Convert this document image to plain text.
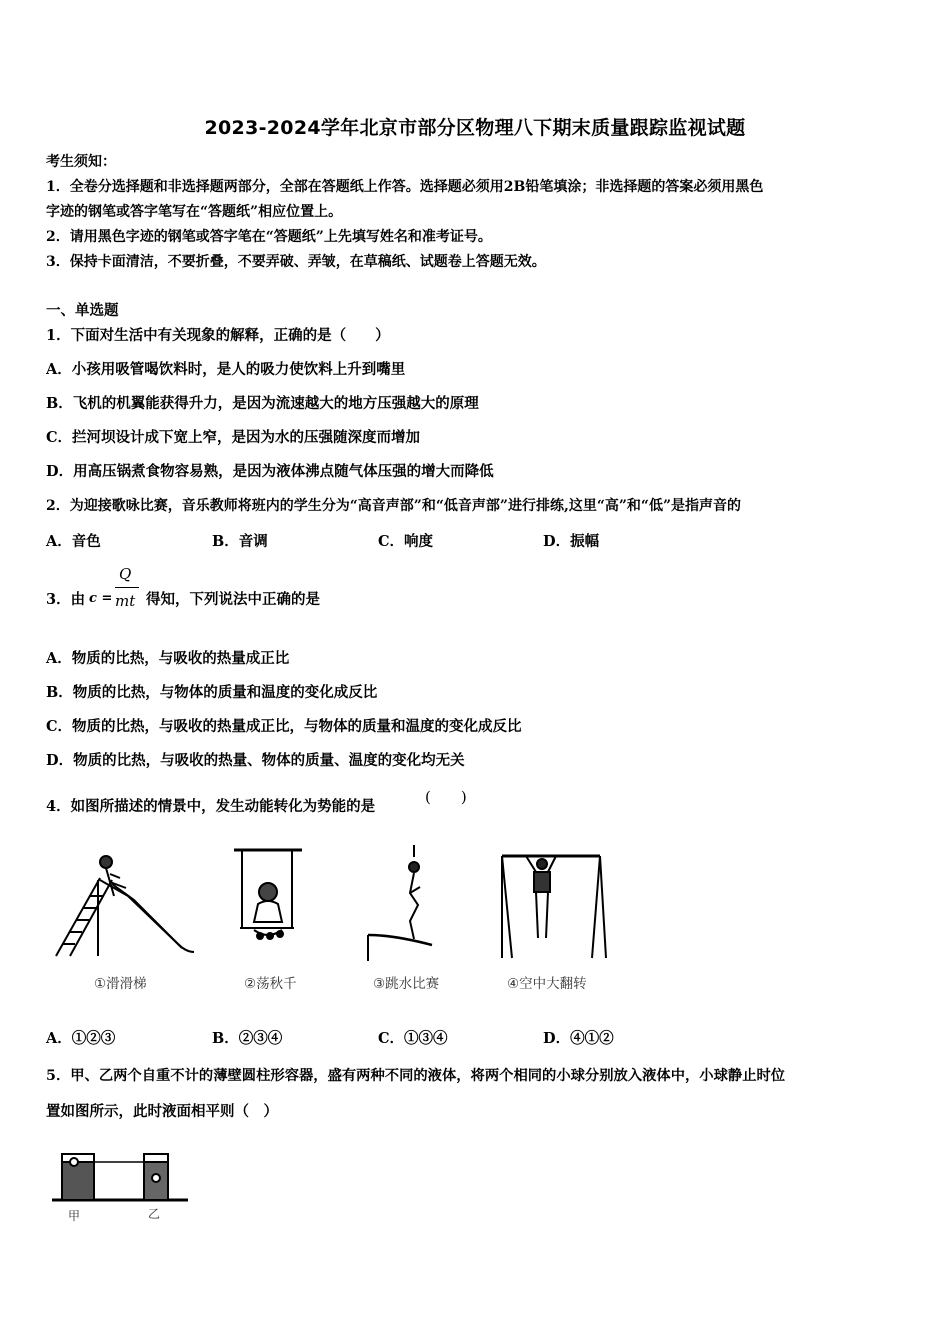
2023-2024学年北京市部分区物理八下期末质量跟踪监视试题
考生须知：
1．全卷分选择题和非选择题两部分，全部在答题纸上作答。选择题必须用2B铅笔填涂；非选择题的答案必须用黑色
字迹的钢笔或答字笔写在“答题纸”相应位置上。
2．请用黑色字迹的钢笔或答字笔在“答题纸”上先填写姓名和准考证号。
3．保持卡面清洁，不要折叠，不要弄破、弄皱，在草稿纸、试题卷上答题无效。
一、单选题
1．下面对生活中有关现象的解释，正确的是（　　）
A．小孩用吸管喝饮料时，是人的吸力使饮料上升到嘴里
B．飞机的机翼能获得升力，是因为流速越大的地方压强越大的原理
C．拦河坝设计成下宽上窄，是因为水的压强随深度而增加
D．用高压锅煮食物容易熟，是因为液体沸点随气体压强的增大而降低
2．为迎接歌咏比赛，音乐教师将班内的学生分为“高音声部”和“低音声部”进行排练,这里“高”和“低”是指声音的
A．音色	B．音调	C．响度	D．振幅
3．由 c =
Q
mt 得知，下列说法中正确的是
A．物质的比热，与吸收的热量成正比
B．物质的比热，与物体的质量和温度的变化成反比
C．物质的比热，与吸收的热量成正比，与物体的质量和温度的变化成反比
D．物质的比热，与吸收的热量、物体的质量、温度的变化均无关
4．如图所描述的情景中，发生动能转化为势能的是
(　　)
①滑滑梯	②荡秋千	③跳水比赛	④空中大翻转
A．①②③	B．②③④	C．①③④	D．④①②
5．甲、乙两个自重不计的薄壁圆柱形容器，盛有两种不同的液体，将两个相同的小球分别放入液体中，小球静止时位
置如图所示，此时液面相平则（　）
甲	乙
